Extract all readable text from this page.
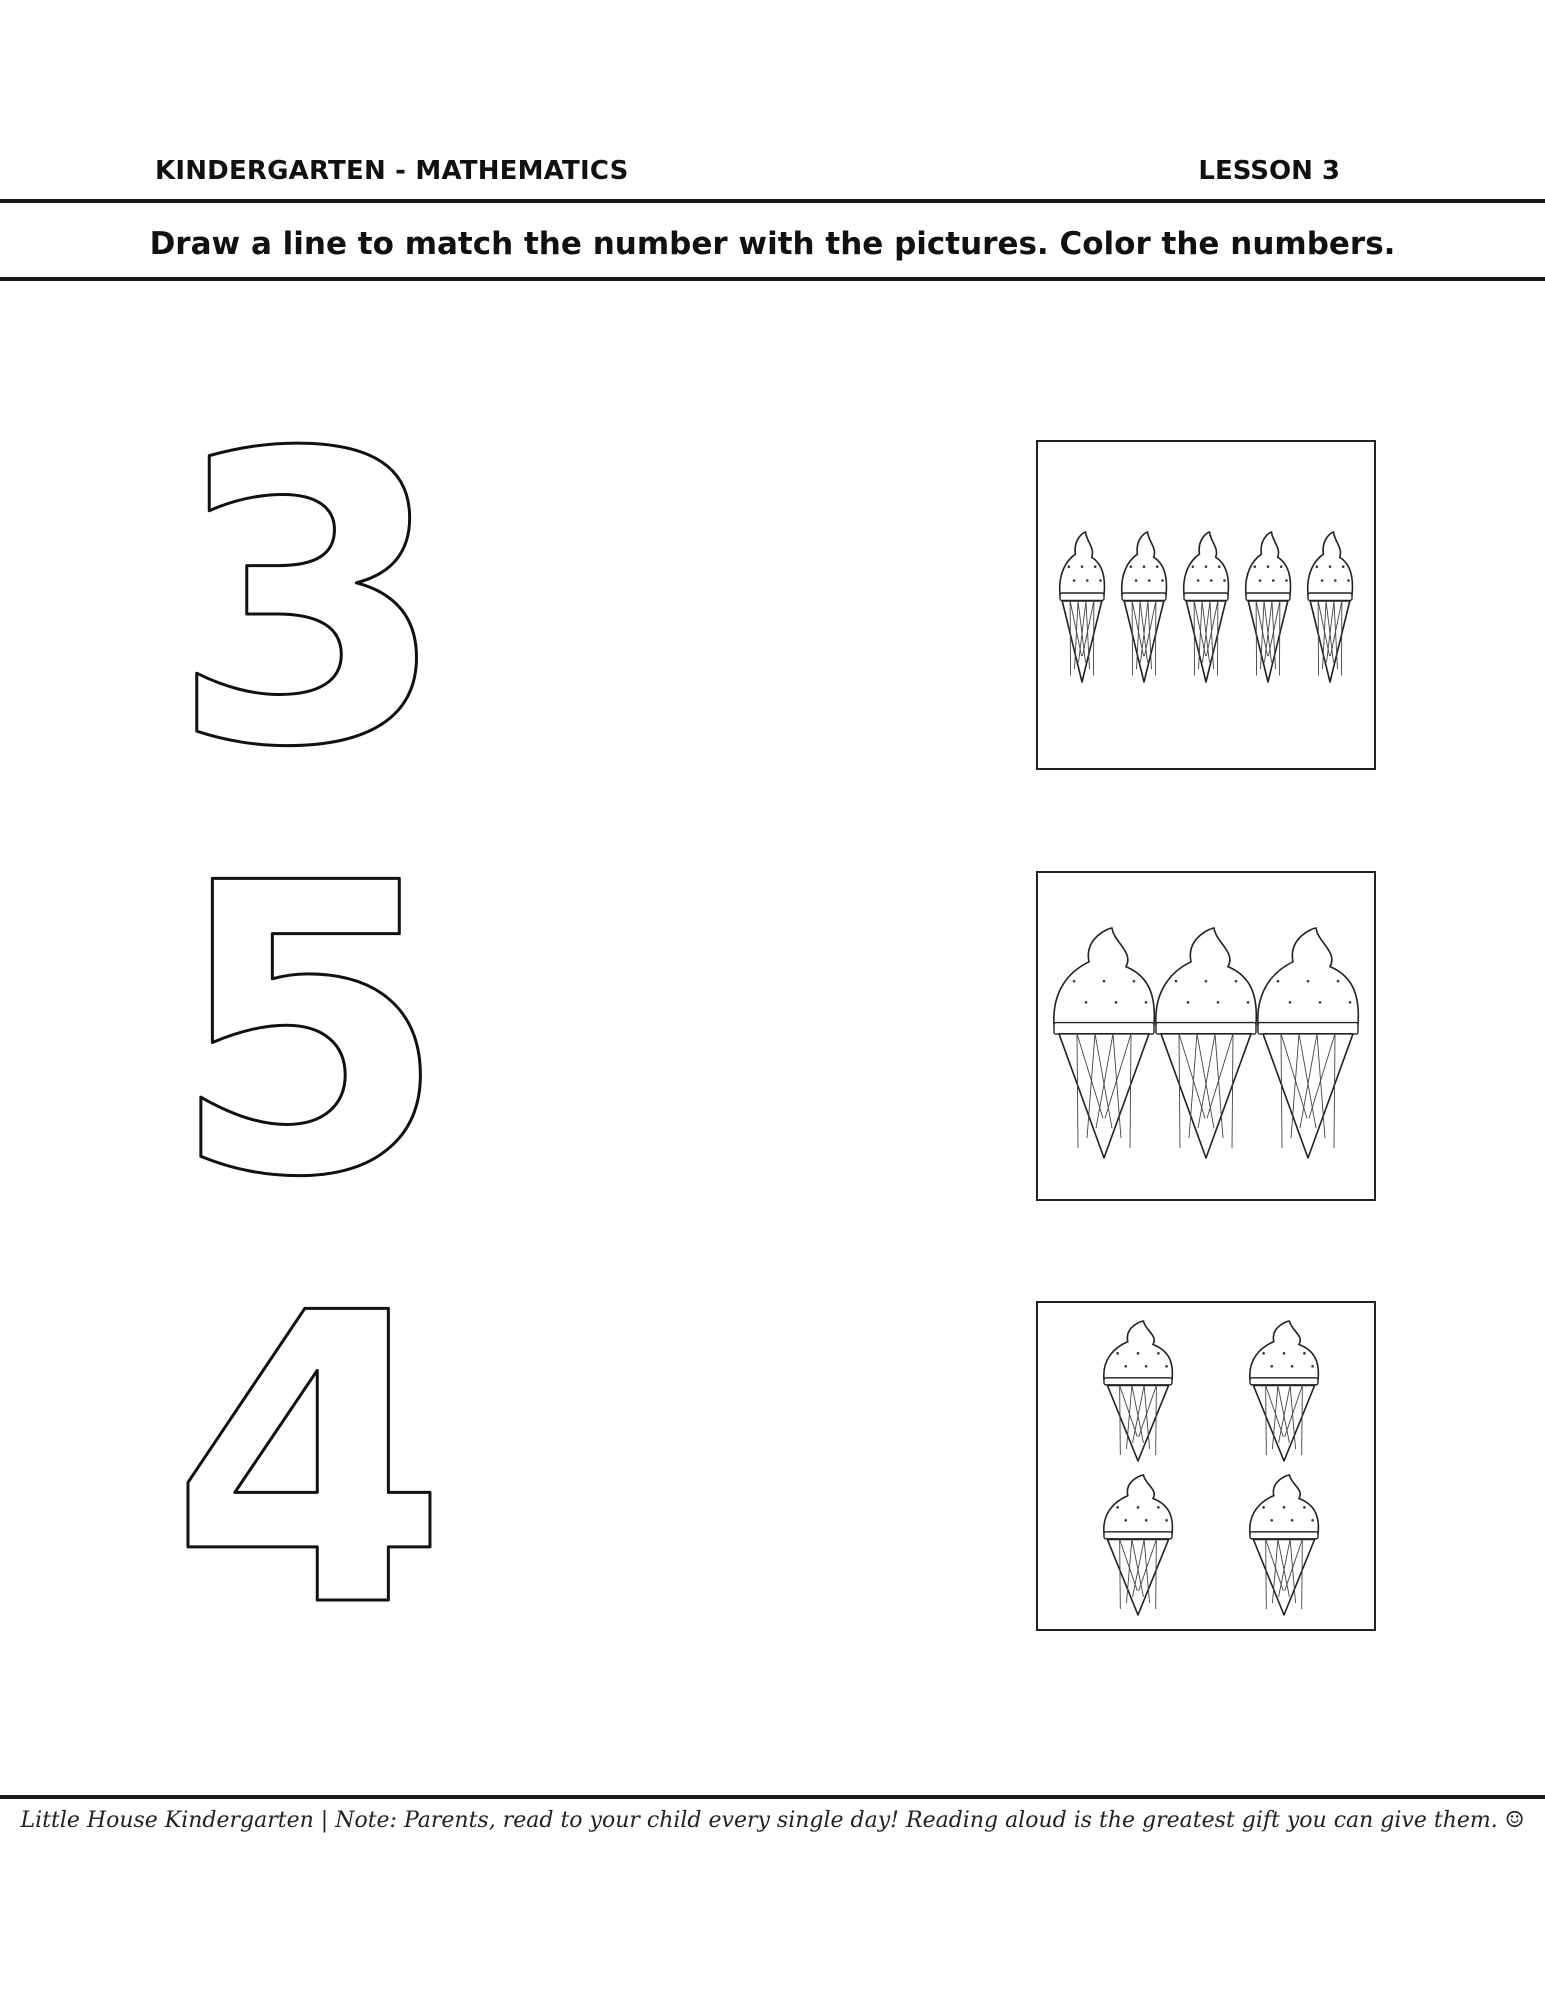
KINDERGARTEN - MATHEMATICS	LESSON 3
Draw a line to match the number with the pictures. Color the numbers.
3
5
4
Little House Kindergarten | Note: Parents, read to your child every single day! Reading aloud is the greatest gift you can give them. ☺
